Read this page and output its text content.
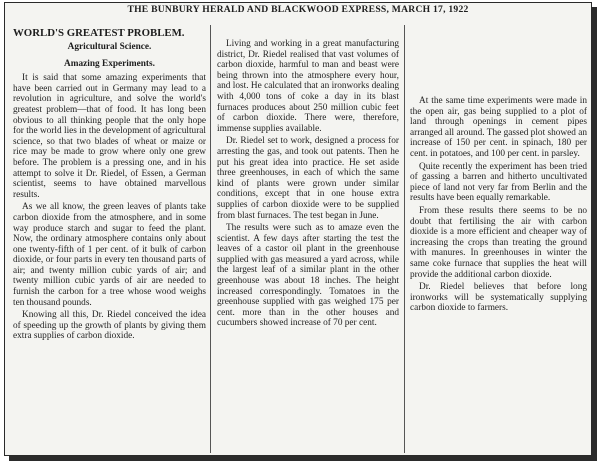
THE BUNBURY HERALD AND BLACKWOOD EXPRESS, MARCH 17, 1922
WORLD'S GREATEST PROBLEM.
Agricultural Science.
Amazing Experiments.

It is said that some amazing experiments that have been carried out in Germany may lead to a revolution in agriculture, and solve the world's greatest problem—that of food. It has long been obvious to all thinking people that the only hope for the world lies in the development of agricultural science, so that two blades of wheat or maize or rice may be made to grow where only one grew before. The problem is a pressing one, and in his attempt to solve it Dr. Riedel, of Essen, a German scientist, seems to have obtained marvellous results.

As we all know, the green leaves of plants take carbon dioxide from the atmosphere, and in some way produce starch and sugar to feed the plant. Now, the ordinary atmosphere contains only about one twenty-fifth of 1 per cent. of it bulk of carbon dioxide, or four parts in every ten thousand parts of air; and twenty million cubic yards of air; and twenty million cubic yards of air are needed to furnish the carbon for a tree whose wood weighs ten thousand pounds.

Knowing all this, Dr. Riedel conceived the idea of speeding up the growth of plants by giving them extra supplies of carbon dioxide.

Living and working in a great manufacturing district, Dr. Riedel realised that vast volumes of carbon dioxide, harmful to man and beast were being thrown into the atmosphere every hour, and lost. He calculated that an ironworks dealing with 4,000 tons of coke a day in its blast furnaces produces about 250 million cubic feet of carbon dioxide. There were, therefore, immense supplies available.

Dr. Riedel set to work, designed a process for arresting the gas, and took out patents. Then he put his great idea into practice. He set aside three greenhouses, in each of which the same kind of plants were grown under similar conditions, except that in one house extra supplies of carbon dioxide were to be supplied from blast furnaces. The test began in June.

The results were such as to amaze even the scientist. A few days after starting the test the leaves of a castor oil plant in the greenhouse supplied with gas measured a yard across, while the largest leaf of a similar plant in the other greenhouse was about 18 inches. The height increased correspondingly. Tomatoes in the greenhouse supplied with gas weighed 175 per cent. more than in the other houses and cucumbers showed increase of 70 per cent.

At the same time experiments were made in the open air, gas being supplied to a plot of land through openings in cement pipes arranged all around. The gassed plot showed an increase of 150 per cent. in spinach, 180 per cent. in potatoes, and 100 per cent. in parsley.

Quite recently the experiment has been tried of gassing a barren and hitherto uncultivated piece of land not very far from Berlin and the results have been equally remarkable.

From these results there seems to be no doubt that fertilising the air with carbon dioxide is a more efficient and cheaper way of increasing the crops than treating the ground with manures. In greenhouses in winter the same coke furnace that supplies the heat will provide the additional carbon dioxide.

Dr. Riedel believes that before long ironworks will be systematically supplying carbon dioxide to farmers.
